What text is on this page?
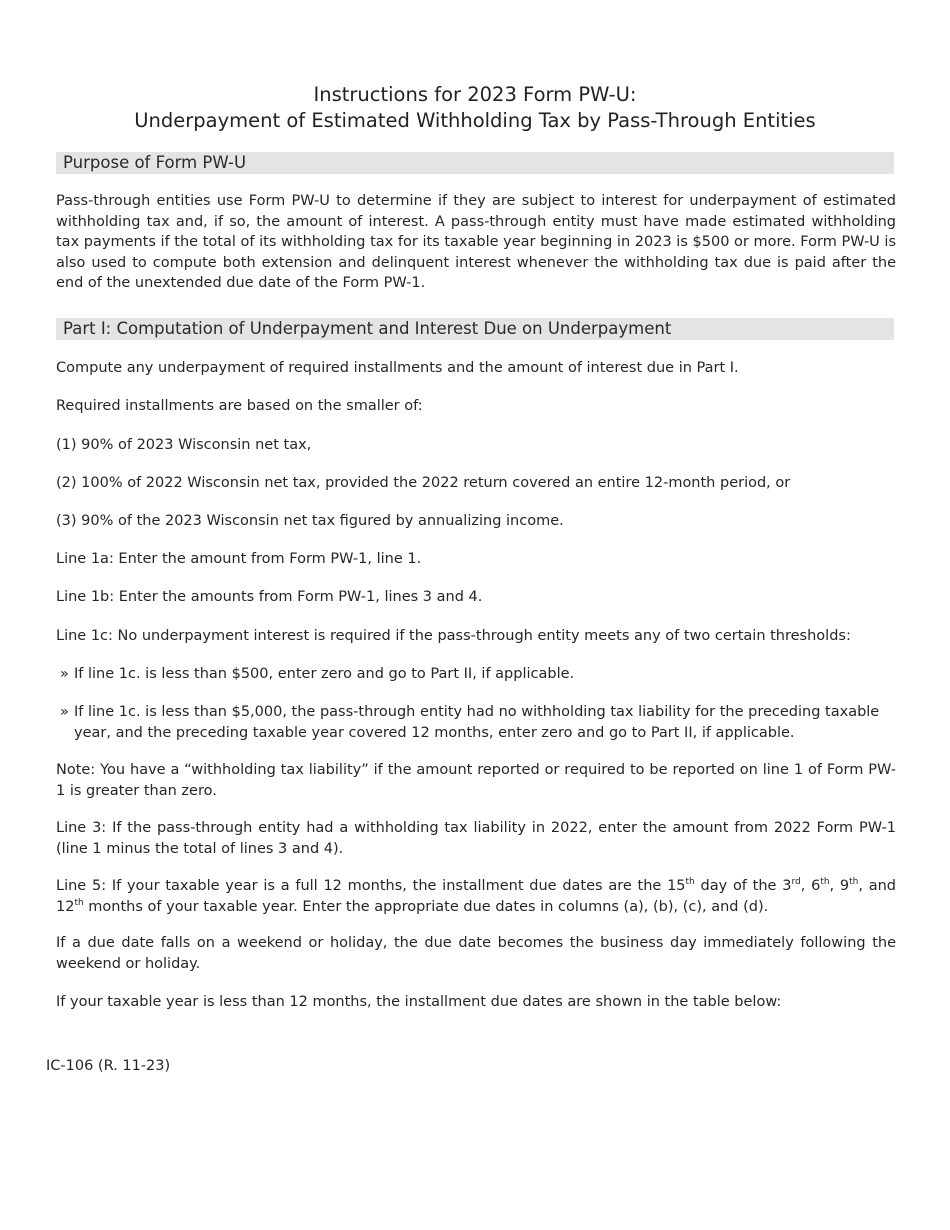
Instructions for 2023 Form PW-U:
Underpayment of Estimated Withholding Tax by Pass-Through Entities
Purpose of Form PW-U
Pass-through entities use Form PW-U to determine if they are subject to interest for underpayment of estimated withholding tax and, if so, the amount of interest. A pass-through entity must have made estimated withholding tax payments if the total of its withholding tax for its taxable year beginning in 2023 is $500 or more. Form PW-U is also used to compute both extension and delinquent interest whenever the withholding tax due is paid after the end of the unextended due date of the Form PW-1.
Part I: Computation of Underpayment and Interest Due on Underpayment
Compute any underpayment of required installments and the amount of interest due in Part I.
Required installments are based on the smaller of:
(1) 90% of 2023 Wisconsin net tax,
(2) 100% of 2022 Wisconsin net tax, provided the 2022 return covered an entire 12-month period, or
(3) 90% of the 2023 Wisconsin net tax figured by annualizing income.
Line 1a: Enter the amount from Form PW-1, line 1.
Line 1b: Enter the amounts from Form PW-1, lines 3 and 4.
Line 1c: No underpayment interest is required if the pass-through entity meets any of two certain thresholds:
» If line 1c. is less than $500, enter zero and go to Part II, if applicable.
» If line 1c. is less than $5,000, the pass-through entity had no withholding tax liability for the preceding taxable year, and the preceding taxable year covered 12 months, enter zero and go to Part II, if applicable.
Note: You have a “withholding tax liability” if the amount reported or required to be reported on line 1 of Form PW-1 is greater than zero.
Line 3: If the pass-through entity had a withholding tax liability in 2022, enter the amount from 2022 Form PW-1 (line 1 minus the total of lines 3 and 4).
Line 5: If your taxable year is a full 12 months, the installment due dates are the 15th day of the 3rd, 6th, 9th, and 12th months of your taxable year. Enter the appropriate due dates in columns (a), (b), (c), and (d).
If a due date falls on a weekend or holiday, the due date becomes the business day immediately following the weekend or holiday.
If your taxable year is less than 12 months, the installment due dates are shown in the table below:
IC-106 (R. 11-23)
